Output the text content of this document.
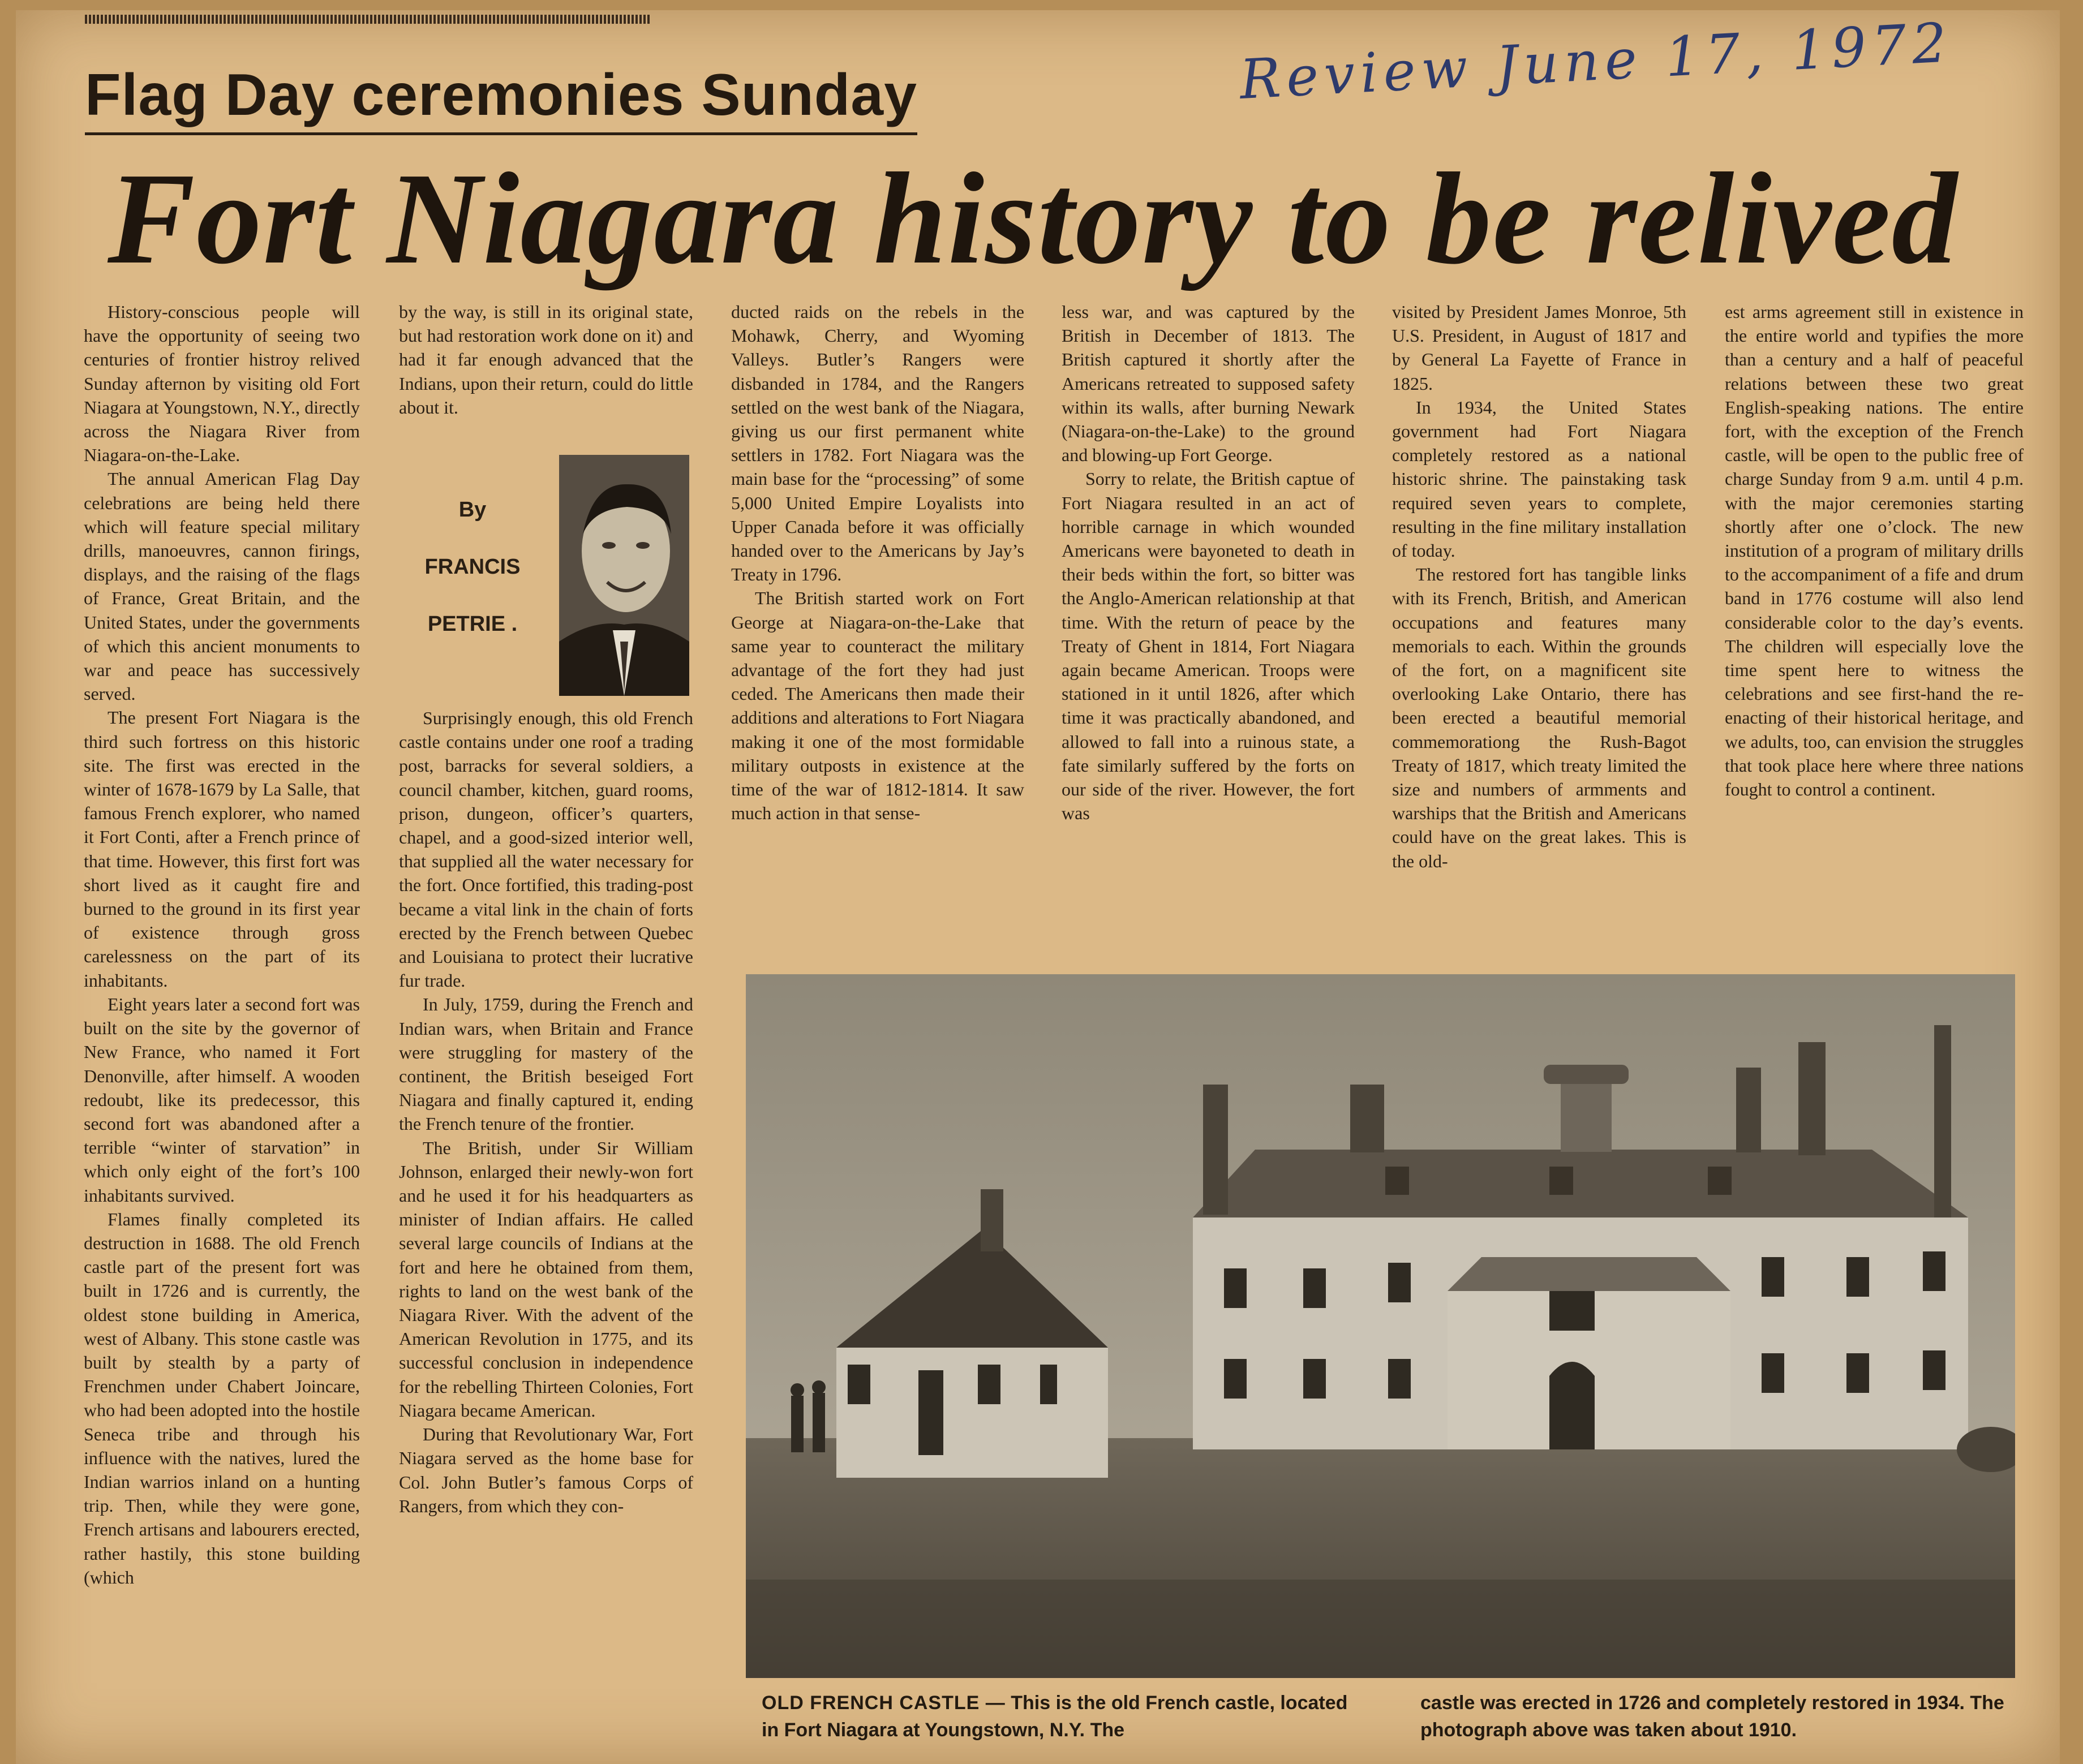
Flag Day ceremonies Sunday	Review June 17, 1972
Fort Niagara history to be relived

History-conscious people will have the opportunity of seeing two centuries of frontier histroy relived Sunday afternon by visiting old Fort Niagara at Youngstown, N.Y., directly across the Niagara River from Niagara-on-the-Lake.

The annual American Flag Day celebrations are being held there which will feature special military drills, manoeuvres, cannon firings, displays, and the raising of the flags of France, Great Britain, and the United States, under the governments of which this ancient monuments to war and peace has successively served.

The present Fort Niagara is the third such fortress on this historic site. The first was erected in the winter of 1678-1679 by La Salle, that famous French explorer, who named it Fort Conti, after a French prince of that time. However, this first fort was short lived as it caught fire and burned to the ground in its first year of existence through gross carelessness on the part of its inhabitants.

Eight years later a second fort was built on the site by the governor of New France, who named it Fort Denonville, after himself. A wooden redoubt, like its predecessor, this second fort was abandoned after a terrible “winter of starvation” in which only eight of the fort’s 100 inhabitants survived.

Flames finally completed its destruction in 1688. The old French castle part of the present fort was built in 1726 and is currently, the oldest stone building in America, west of Albany. This stone castle was built by stealth by a party of Frenchmen under Chabert Joincare, who had been adopted into the hostile Seneca tribe and through his influence with the natives, lured the Indian warrios inland on a hunting trip. Then, while they were gone, French artisans and labourers erected, rather hastily, this stone building (which

by the way, is still in its original state, but had restoration work done on it) and had it far enough advanced that the Indians, upon their return, could do little about it.

By
FRANCIS
PETRIE .

Surprisingly enough, this old French castle contains under one roof a trading post, barracks for several soldiers, a council chamber, kitchen, guard rooms, prison, dungeon, officer’s quarters, chapel, and a good-sized interior well, that supplied all the water necessary for the fort. Once fortified, this trading-post became a vital link in the chain of forts erected by the French between Quebec and Louisiana to protect their lucrative fur trade.

In July, 1759, during the French and Indian wars, when Britain and France were struggling for mastery of the continent, the British beseiged Fort Niagara and finally captured it, ending the French tenure of the frontier.

The British, under Sir William Johnson, enlarged their newly-won fort and he used it for his headquarters as minister of Indian affairs. He called several large councils of Indians at the fort and here he obtained from them, rights to land on the west bank of the Niagara River. With the advent of the American Revolution in 1775, and its successful conclusion in independence for the rebelling Thirteen Colonies, Fort Niagara became American.

During that Revolutionary War, Fort Niagara served as the home base for Col. John Butler’s famous Corps of Rangers, from which they con-

ducted raids on the rebels in the Mohawk, Cherry, and Wyoming Valleys. Butler’s Rangers were disbanded in 1784, and the Rangers settled on the west bank of the Niagara, giving us our first permanent white settlers in 1782. Fort Niagara was the main base for the “processing” of some 5,000 United Empire Loyalists into Upper Canada before it was officially handed over to the Americans by Jay’s Treaty in 1796.

The British started work on Fort George at Niagara-on-the-Lake that same year to counteract the military advantage of the fort they had just ceded. The Americans then made their additions and alterations to Fort Niagara making it one of the most formidable military outposts in existence at the time of the war of 1812-1814. It saw much action in that sense-

less war, and was captured by the British in December of 1813. The British captured it shortly after the Americans retreated to supposed safety within its walls, after burning Newark (Niagara-on-the-Lake) to the ground and blowing-up Fort George.

Sorry to relate, the British captue of Fort Niagara resulted in an act of horrible carnage in which wounded Americans were bayoneted to death in their beds within the fort, so bitter was the Anglo-American relationship at that time. With the return of peace by the Treaty of Ghent in 1814, Fort Niagara again became American. Troops were stationed in it until 1826, after which time it was practically abandoned, and allowed to fall into a ruinous state, a fate similarly suffered by the forts on our side of the river. However, the fort was

visited by President James Monroe, 5th U.S. President, in August of 1817 and by General La Fayette of France in 1825.

In 1934, the United States government had Fort Niagara completely restored as a national historic shrine. The painstaking task required seven years to complete, resulting in the fine military installation of today.

The restored fort has tangible links with its French, British, and American occupations and features many memorials to each. Within the grounds of the fort, on a magnificent site overlooking Lake Ontario, there has been erected a beautiful memorial commemorationg the Rush-Bagot Treaty of 1817, which treaty limited the size and numbers of armments and warships that the British and Americans could have on the great lakes. This is the old-

est arms agreement still in existence in the entire world and typifies the more than a century and a half of peaceful relations between these two great English-speaking nations. The entire fort, with the exception of the French castle, will be open to the public free of charge Sunday from 9 a.m. until 4 p.m. with the major ceremonies starting shortly after one o’clock. The new institution of a program of military drills to the accompaniment of a fife and drum band in 1776 costume will also lend considerable color to the day’s events. The children will especially love the time spent here to witness the celebrations and see first-hand the re-enacting of their historical heritage, and we adults, too, can envision the struggles that took place here where three nations fought to control a continent.

OLD FRENCH CASTLE — This is the old French castle, located in Fort Niagara at Youngstown, N.Y. The
castle was erected in 1726 and completely restored in 1934. The photograph above was taken about 1910.
